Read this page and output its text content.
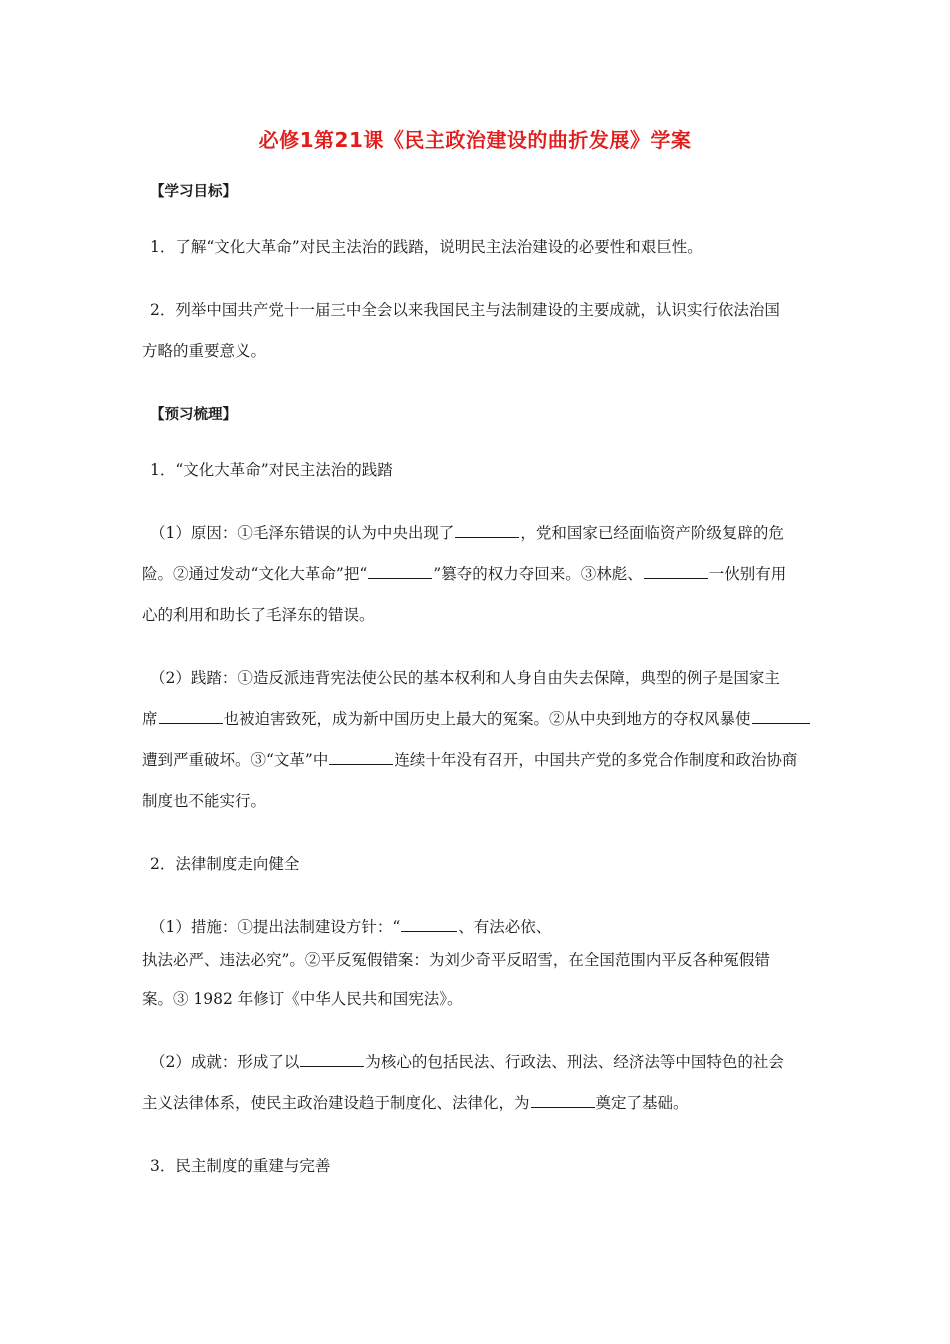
必修1第21课《民主政治建设的曲折发展》学案
【学习目标】
1．了解“文化大革命”对民主法治的践踏，说明民主法治建设的必要性和艰巨性。
2．列举中国共产党十一届三中全会以来我国民主与法制建设的主要成就，认识实行依法治国
方略的重要意义。
【预习梳理】
1．“文化大革命”对民主法治的践踏
（1）原因：①毛泽东错误的认为中央出现了	，党和国家已经面临资产阶级复辟的危
险。②通过发动“文化大革命”把“	”篡夺的权力夺回来。③林彪、	一伙别有用
心的利用和助长了毛泽东的错误。
（2）践踏：①造反派违背宪法使公民的基本权利和人身自由失去保障，典型的例子是国家主
席	也被迫害致死，成为新中国历史上最大的冤案。②从中央到地方的夺权风暴使
遭到严重破坏。③“文革”中	连续十年没有召开，中国共产党的多党合作制度和政治协商
制度也不能实行。
2．法律制度走向健全
（1）措施：①提出法制建设方针：“	、有法必依、
执法必严、违法必究”。②平反冤假错案：为刘少奇平反昭雪，在全国范围内平反各种冤假错
案。③ 1982 年修订《中华人民共和国宪法》。
（2）成就：形成了以	为核心的包括民法、行政法、刑法、经济法等中国特色的社会
主义法律体系，使民主政治建设趋于制度化、法律化，为	奠定了基础。
3．民主制度的重建与完善
